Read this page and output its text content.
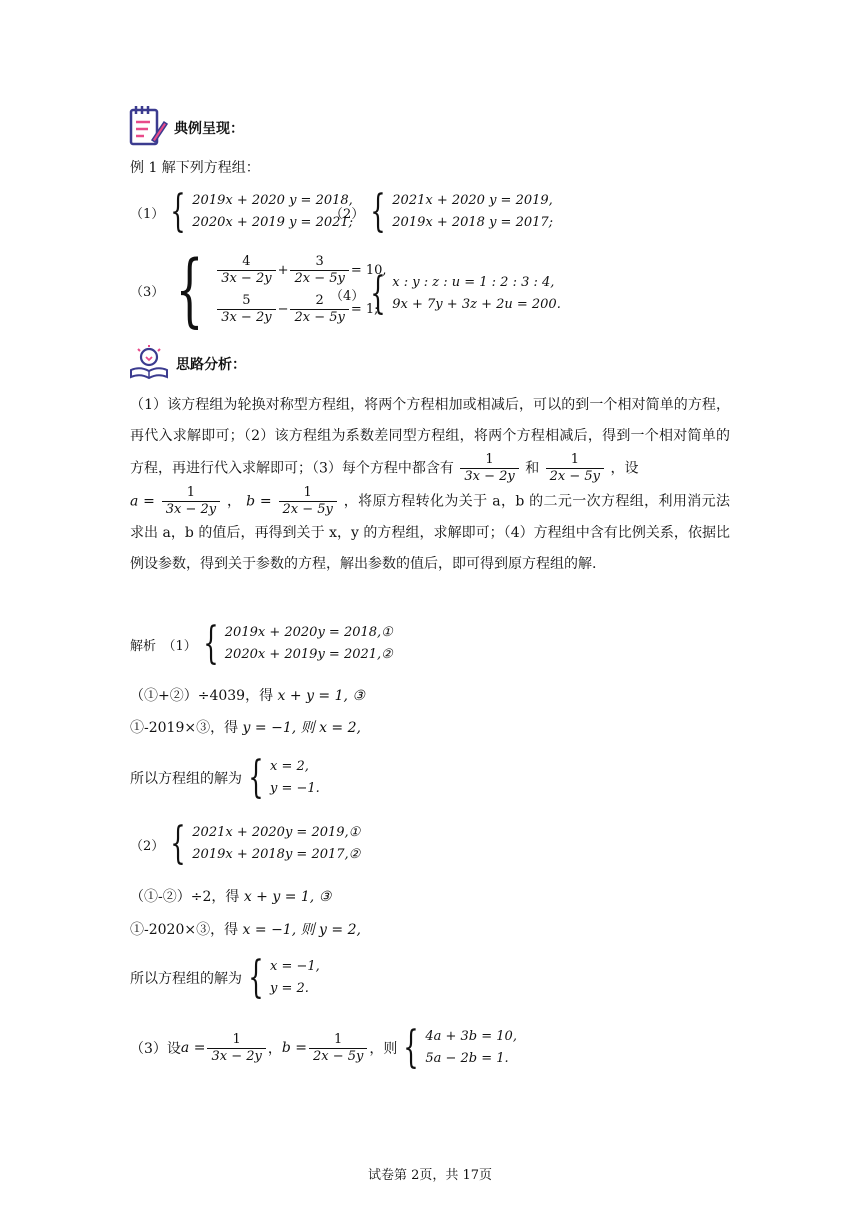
典例呈现：
例 1 解下列方程组：
（1） { 2019x + 2020 y = 2018,
2020x + 2019 y = 2021;
（2） { 2021x + 2020 y = 2019,
2019x + 2018 y = 2017;
（3） { $\frac{4}{3x - 2y} + \frac{3}{2x - 5y} = 10$,
$\frac{5}{3x - 2y} - \frac{2}{2x - 5y} = 1$;
（4） { x : y : z : u = 1 : 2 : 3 : 4,
9x + 7y + 3z + 2u = 200.
思路分析：
（1）该方程组为轮换对称型方程组，将两个方程相加或相减后，可以的到一个相对简单的方程，再代入求解即可；（2）该方程组为系数差同型方程组，将两个方程相减后，得到一个相对简单的方程，再进行代入求解即可；（3）每个方程中都含有 $\frac{1}{3x - 2y}$ 和 $\frac{1}{2x - 5y}$ ，设
$a = \frac{1}{3x - 2y}$ ， $b = \frac{1}{2x - 5y}$ ，将原方程转化为关于 a，b 的二元一次方程组，利用消元法求出 a，b 的值后，再得到关于 x，y 的方程组，求解即可；（4）方程组中含有比例关系，依据比例设参数，得到关于参数的方程，解出参数的值后，即可得到原方程组的解.
解析　（1） { 2019x + 2020y = 2018,①
2020x + 2019y = 2021,②
（①+②）÷4039，得 x + y = 1, ③
①-2019×③，得 y = −1, 则 x = 2,
所以方程组的解为 { x = 2,
y = −1.
（2） { 2021x + 2020y = 2019,①
2019x + 2018y = 2017,②
（①-②）÷2，得 x + y = 1, ③
①-2020×③，得 x = −1, 则 y = 2,
所以方程组的解为 { x = −1,
y = 2.
（3）设 $a = \frac{1}{3x - 2y}$ ， $b = \frac{1}{2x - 5y}$ ，则 { 4a + 3b = 10,
5a − 2b = 1.
试卷第 2页，共 17页
